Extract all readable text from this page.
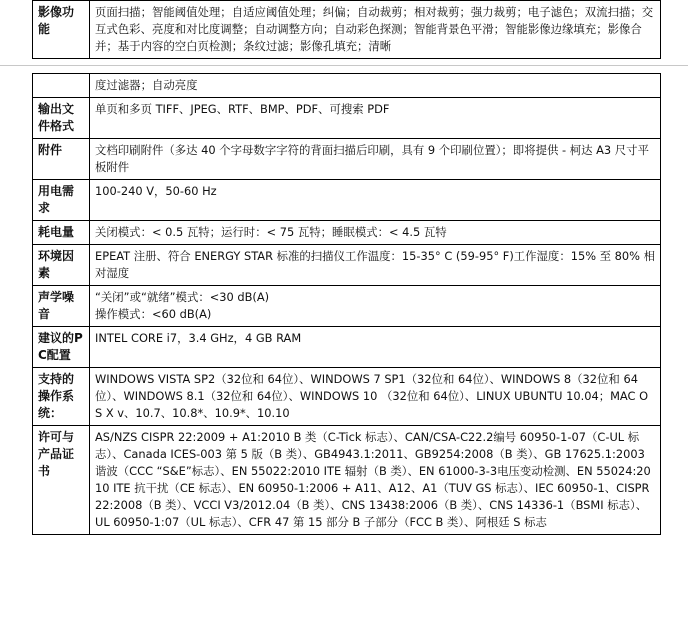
影像功能	页面扫描；智能阈值处理；自适应阈值处理；纠偏；自动裁剪；相对裁剪；强力裁剪；电子滤色；双流扫描；交互式色彩、亮度和对比度调整；自动调整方向；自动彩色探测；智能背景色平滑；智能影像边缘填充；影像合并；基于内容的空白页检测；条纹过滤；影像孔填充；清晰
	度过滤器；自动亮度
输出文件格式	单页和多页 TIFF、JPEG、RTF、BMP、PDF、可搜索 PDF
附件	文档印刷附件（多达 40 个字母数字字符的背面扫描后印刷，具有 9 个印刷位置）；即将提供 - 柯达 A3 尺寸平板附件
用电需求	100-240 V，50-60 Hz
耗电量	关闭模式：< 0.5 瓦特；运行时：< 75 瓦特；睡眠模式：< 4.5 瓦特
环境因素	EPEAT 注册、符合 ENERGY STAR 标准的扫描仪工作温度：15-35° C (59-95° F)工作湿度：15% 至 80% 相对湿度
声学噪音	“关闭”或“就绪”模式：<30 dB(A)
操作模式：<60 dB(A)

建议的PC配置	INTEL CORE i7，3.4 GHz，4 GB RAM
支持的操作系统：	WINDOWS VISTA SP2（32位和 64位）、WINDOWS 7 SP1（32位和 64位）、WINDOWS 8（32位和 64位）、WINDOWS 8.1（32位和 64位）、WINDOWS 10 （32位和 64位）、LINUX UBUNTU 10.04；MAC OS X v、10.7、10.8*、10.9*、10.10
许可与产品证书	AS/NZS CISPR 22:2009 + A1:2010 B 类（C-Tick 标志）、CAN/CSA-C22.2编号 60950-1-07（C-UL 标志）、Canada ICES-003 第 5 版（B 类）、GB4943.1:2011、GB9254:2008（B 类）、GB 17625.1:2003 谐波（CCC “S&E”标志）、EN 55022:2010 ITE 辐射（B 类）、EN 61000-3-3电压变动检测、EN 55024:2010 ITE 抗干扰（CE 标志）、EN 60950-1:2006 + A11、A12、A1（TUV GS 标志）、IEC 60950-1、CISPR 22:2008（B 类）、VCCI V3/2012.04（B 类）、CNS 13438:2006（B 类）、CNS 14336-1（BSMI 标志）、UL 60950-1:07（UL 标志）、CFR 47 第 15 部分 B 子部分（FCC B 类）、阿根廷 S 标志
